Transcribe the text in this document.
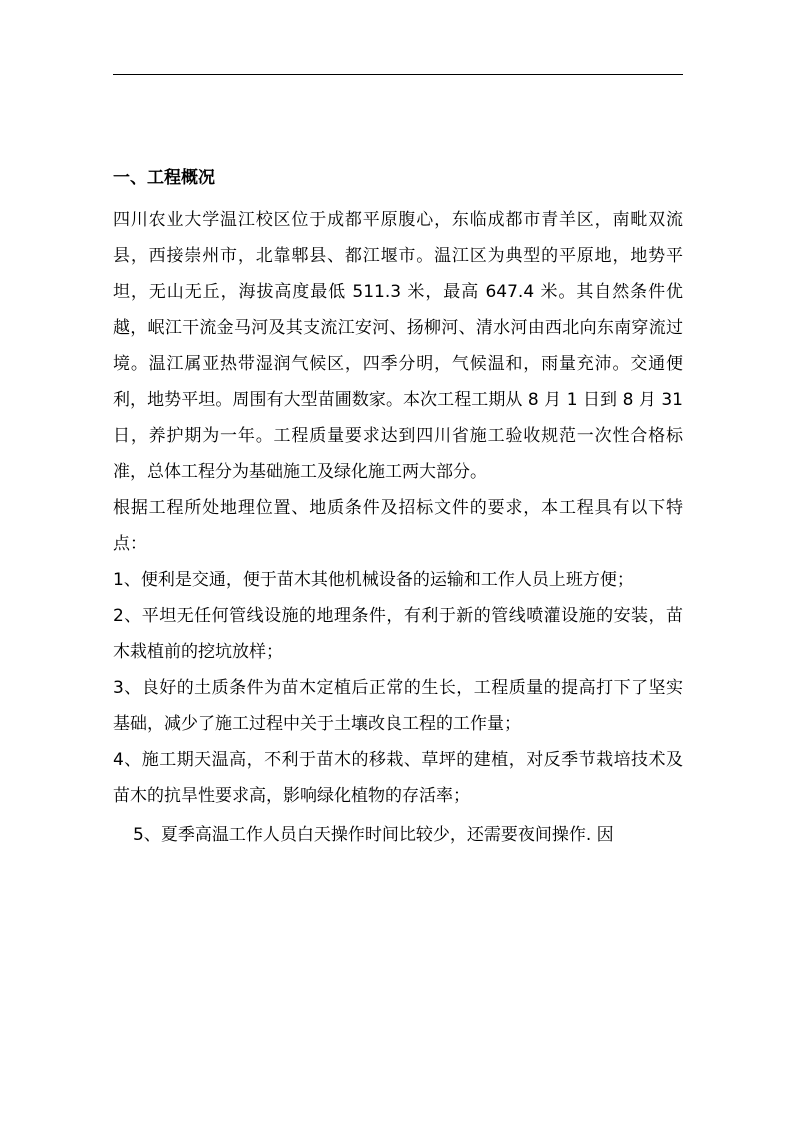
一、工程概况

四川农业大学温江校区位于成都平原腹心，东临成都市青羊区，南毗双流县，西接崇州市，北靠郫县、都江堰市。温江区为典型的平原地，地势平坦，无山无丘，海拔高度最低 511.3 米，最高 647.4 米。其自然条件优越，岷江干流金马河及其支流江安河、扬柳河、清水河由西北向东南穿流过境。温江属亚热带湿润气候区，四季分明，气候温和，雨量充沛。交通便利，地势平坦。周围有大型苗圃数家。本次工程工期从 8 月 1 日到 8 月 31 日，养护期为一年。工程质量要求达到四川省施工验收规范一次性合格标准，总体工程分为基础施工及绿化施工两大部分。

根据工程所处地理位置、地质条件及招标文件的要求，本工程具有以下特点：

1、便利是交通，便于苗木其他机械设备的运输和工作人员上班方便；

2、平坦无任何管线设施的地理条件，有利于新的管线喷灌设施的安装，苗木栽植前的挖坑放样；

3、良好的土质条件为苗木定植后正常的生长，工程质量的提高打下了坚实基础，减少了施工过程中关于土壤改良工程的工作量；

4、施工期天温高，不利于苗木的移栽、草坪的建植，对反季节栽培技术及苗木的抗旱性要求高，影响绿化植物的存活率；

5、夏季高温工作人员白天操作时间比较少，还需要夜间操作. 因
